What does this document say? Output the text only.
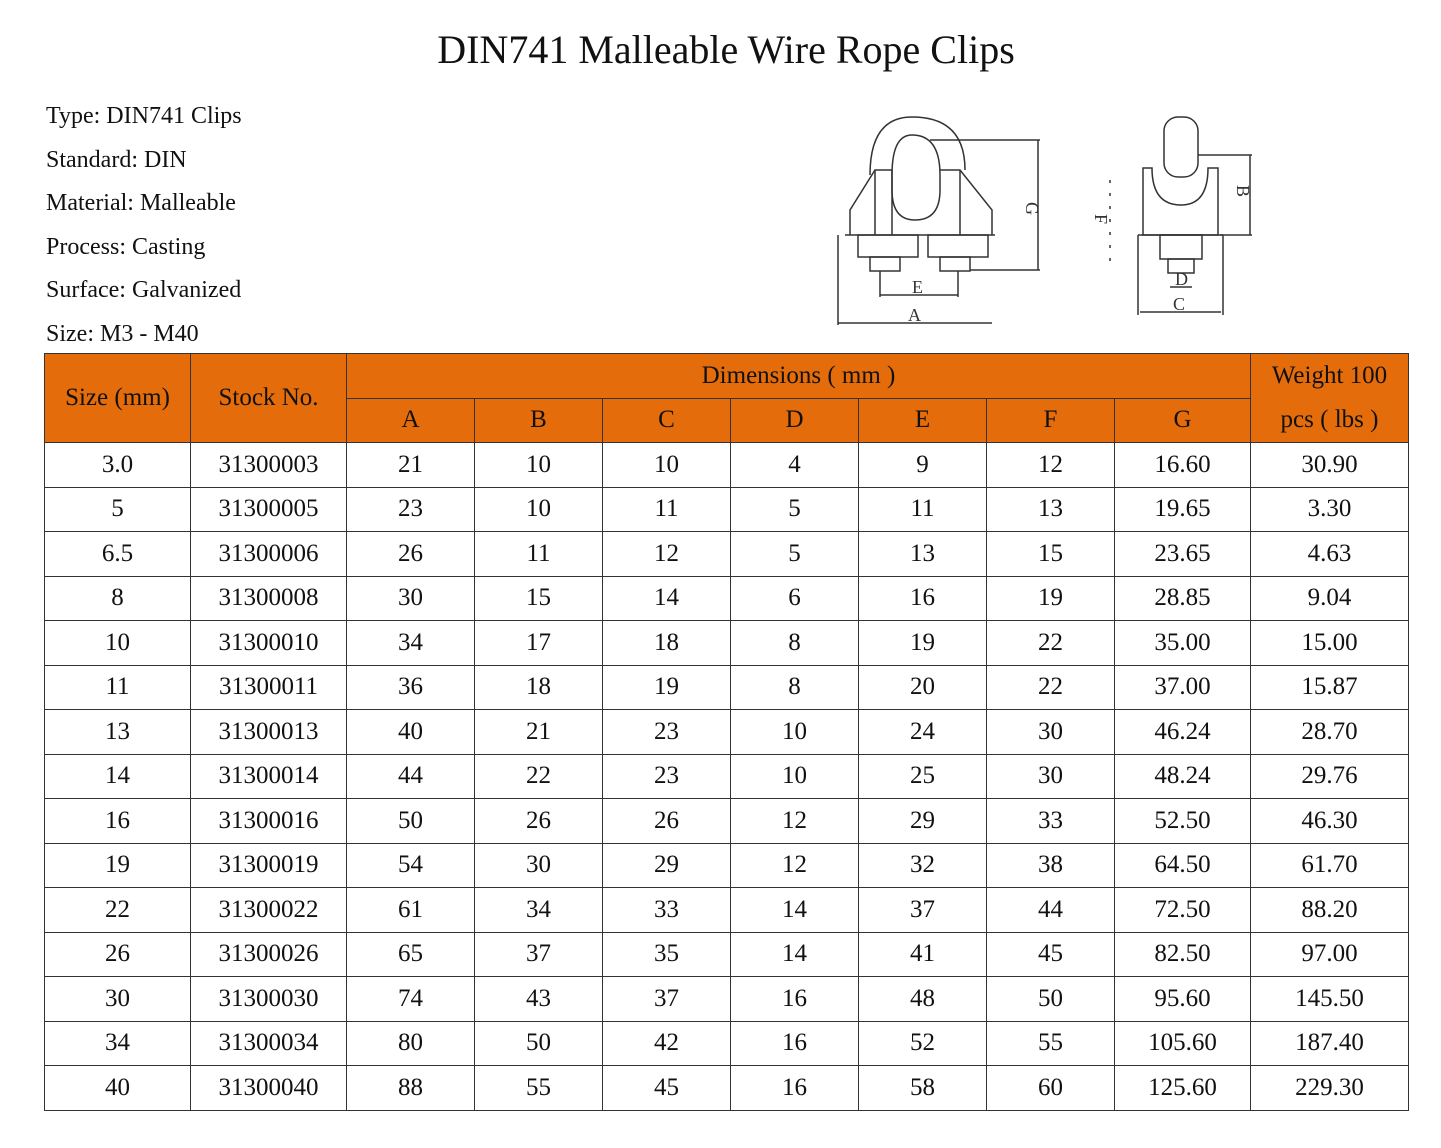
DIN741 Malleable Wire Rope Clips
Type: DIN741 Clips
Standard: DIN
Material: Malleable
Process: Casting
Surface: Galvanized
Size: M3 - M40
E
A
G
D
C
B
F
Size (mm)	Stock No.	Dimensions ( mm )							Weight 100
pcs ( lbs )
		A	B	C	D	E	F	G	
3.0	31300003	21	10	10	4	9	12	16.60	30.90
5	31300005	23	10	11	5	11	13	19.65	3.30
6.5	31300006	26	11	12	5	13	15	23.65	4.63
8	31300008	30	15	14	6	16	19	28.85	9.04
10	31300010	34	17	18	8	19	22	35.00	15.00
11	31300011	36	18	19	8	20	22	37.00	15.87
13	31300013	40	21	23	10	24	30	46.24	28.70
14	31300014	44	22	23	10	25	30	48.24	29.76
16	31300016	50	26	26	12	29	33	52.50	46.30
19	31300019	54	30	29	12	32	38	64.50	61.70
22	31300022	61	34	33	14	37	44	72.50	88.20
26	31300026	65	37	35	14	41	45	82.50	97.00
30	31300030	74	43	37	16	48	50	95.60	145.50
34	31300034	80	50	42	16	52	55	105.60	187.40
40	31300040	88	55	45	16	58	60	125.60	229.30
